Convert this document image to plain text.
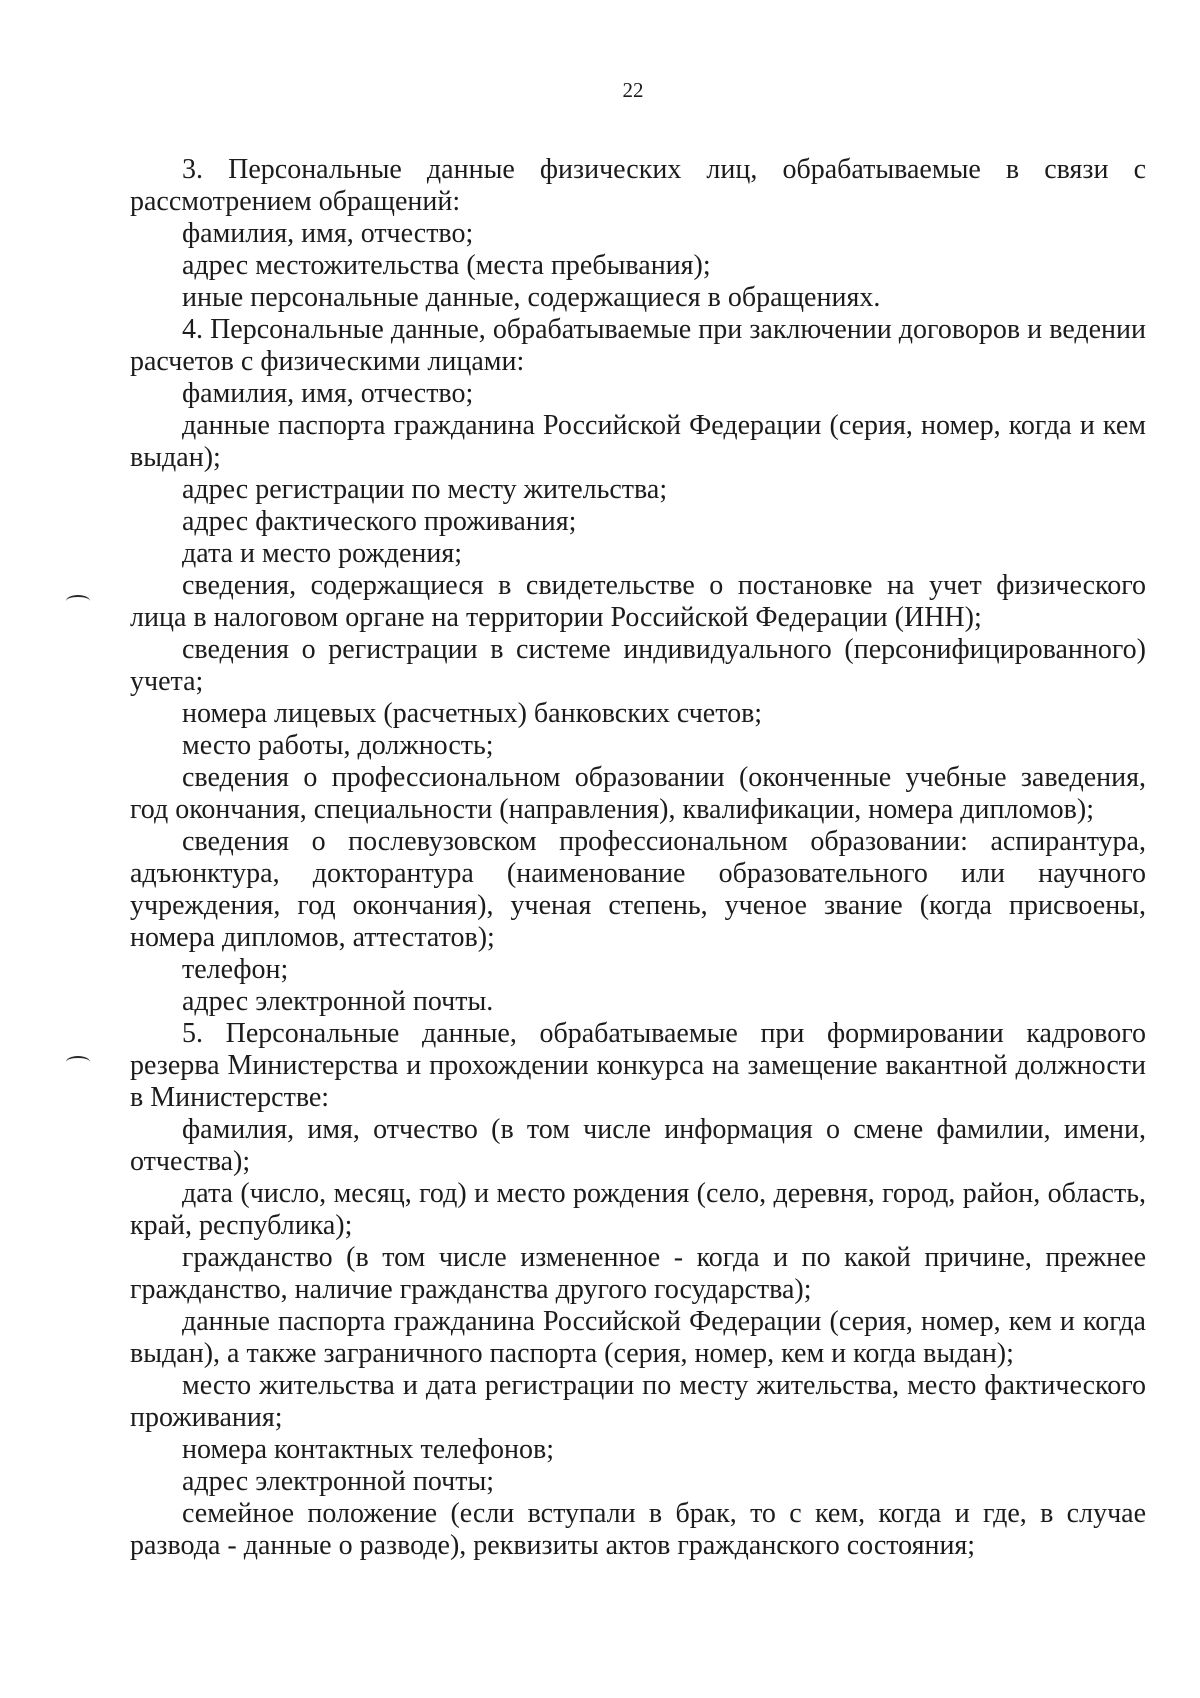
22

3. Персональные данные физических лиц, обрабатываемые в связи с рассмотрением обращений:

фамилия, имя, отчество;

адрес местожительства (места пребывания);

иные персональные данные, содержащиеся в обращениях.

4. Персональные данные, обрабатываемые при заключении договоров и ведении расчетов с физическими лицами:

фамилия, имя, отчество;

данные паспорта гражданина Российской Федерации (серия, номер, когда и кем выдан);

адрес регистрации по месту жительства;

адрес фактического проживания;

дата и место рождения;

сведения, содержащиеся в свидетельстве о постановке на учет физического лица в налоговом органе на территории Российской Федерации (ИНН);

сведения о регистрации в системе индивидуального (персонифицированного) учета;

номера лицевых (расчетных) банковских счетов;

место работы, должность;

сведения о профессиональном образовании (оконченные учебные заведения, год окончания, специальности (направления), квалификации, номера дипломов);

сведения о послевузовском профессиональном образовании: аспирантура, адъюнктура, докторантура (наименование образовательного или научного учреждения, год окончания), ученая степень, ученое звание (когда присвоены, номера дипломов, аттестатов);

телефон;

адрес электронной почты.

5. Персональные данные, обрабатываемые при формировании кадрового резерва Министерства и прохождении конкурса на замещение вакантной должности в Министерстве:

фамилия, имя, отчество (в том числе информация о смене фамилии, имени, отчества);

дата (число, месяц, год) и место рождения (село, деревня, город, район, область, край, республика);

гражданство (в том числе измененное - когда и по какой причине, прежнее гражданство, наличие гражданства другого государства);

данные паспорта гражданина Российской Федерации (серия, номер, кем и когда выдан), а также заграничного паспорта (серия, номер, кем и когда выдан);

место жительства и дата регистрации по месту жительства, место фактического проживания;

номера контактных телефонов;

адрес электронной почты;

семейное положение (если вступали в брак, то с кем, когда и где, в случае развода - данные о разводе), реквизиты актов гражданского состояния;
